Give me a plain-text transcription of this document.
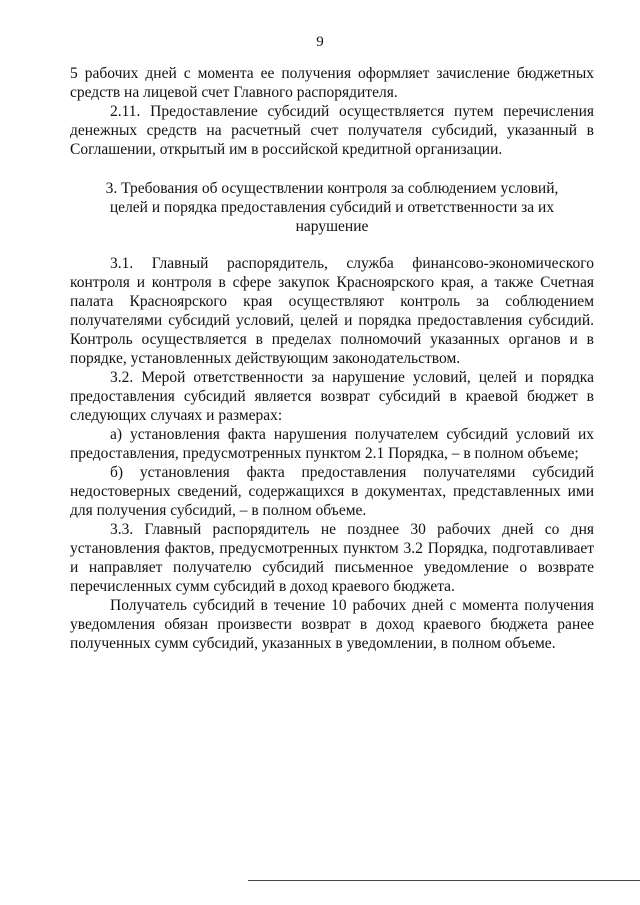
9

5 рабочих дней с момента ее получения оформляет зачисление бюджетных средств на лицевой счет Главного распорядителя.

2.11. Предоставление субсидий осуществляется путем перечисления денежных средств на расчетный счет получателя субсидий, указанный в Соглашении, открытый им в российской кредитной организации.

3. Требования об осуществлении контроля за соблюдением условий, целей и порядка предоставления субсидий и ответственности за их нарушение

3.1. Главный распорядитель, служба финансово-экономического контроля и контроля в сфере закупок Красноярского края, а также Счетная палата Красноярского края осуществляют контроль за соблюдением получателями субсидий условий, целей и порядка предоставления субсидий. Контроль осуществляется в пределах полномочий указанных органов и в порядке, установленных действующим законодательством.

3.2. Мерой ответственности за нарушение условий, целей и порядка предоставления субсидий является возврат субсидий в краевой бюджет в следующих случаях и размерах:

а) установления факта нарушения получателем субсидий условий их предоставления, предусмотренных пунктом 2.1 Порядка, – в полном объеме;

б) установления факта предоставления получателями субсидий недостоверных сведений, содержащихся в документах, представленных ими для получения субсидий, – в полном объеме.

3.3. Главный распорядитель не позднее 30 рабочих дней со дня установления фактов, предусмотренных пунктом 3.2 Порядка, подготавливает и направляет получателю субсидий письменное уведомление о возврате перечисленных сумм субсидий в доход краевого бюджета.

Получатель субсидий в течение 10 рабочих дней с момента получения уведомления обязан произвести возврат в доход краевого бюджета ранее полученных сумм субсидий, указанных в уведомлении, в полном объеме.
